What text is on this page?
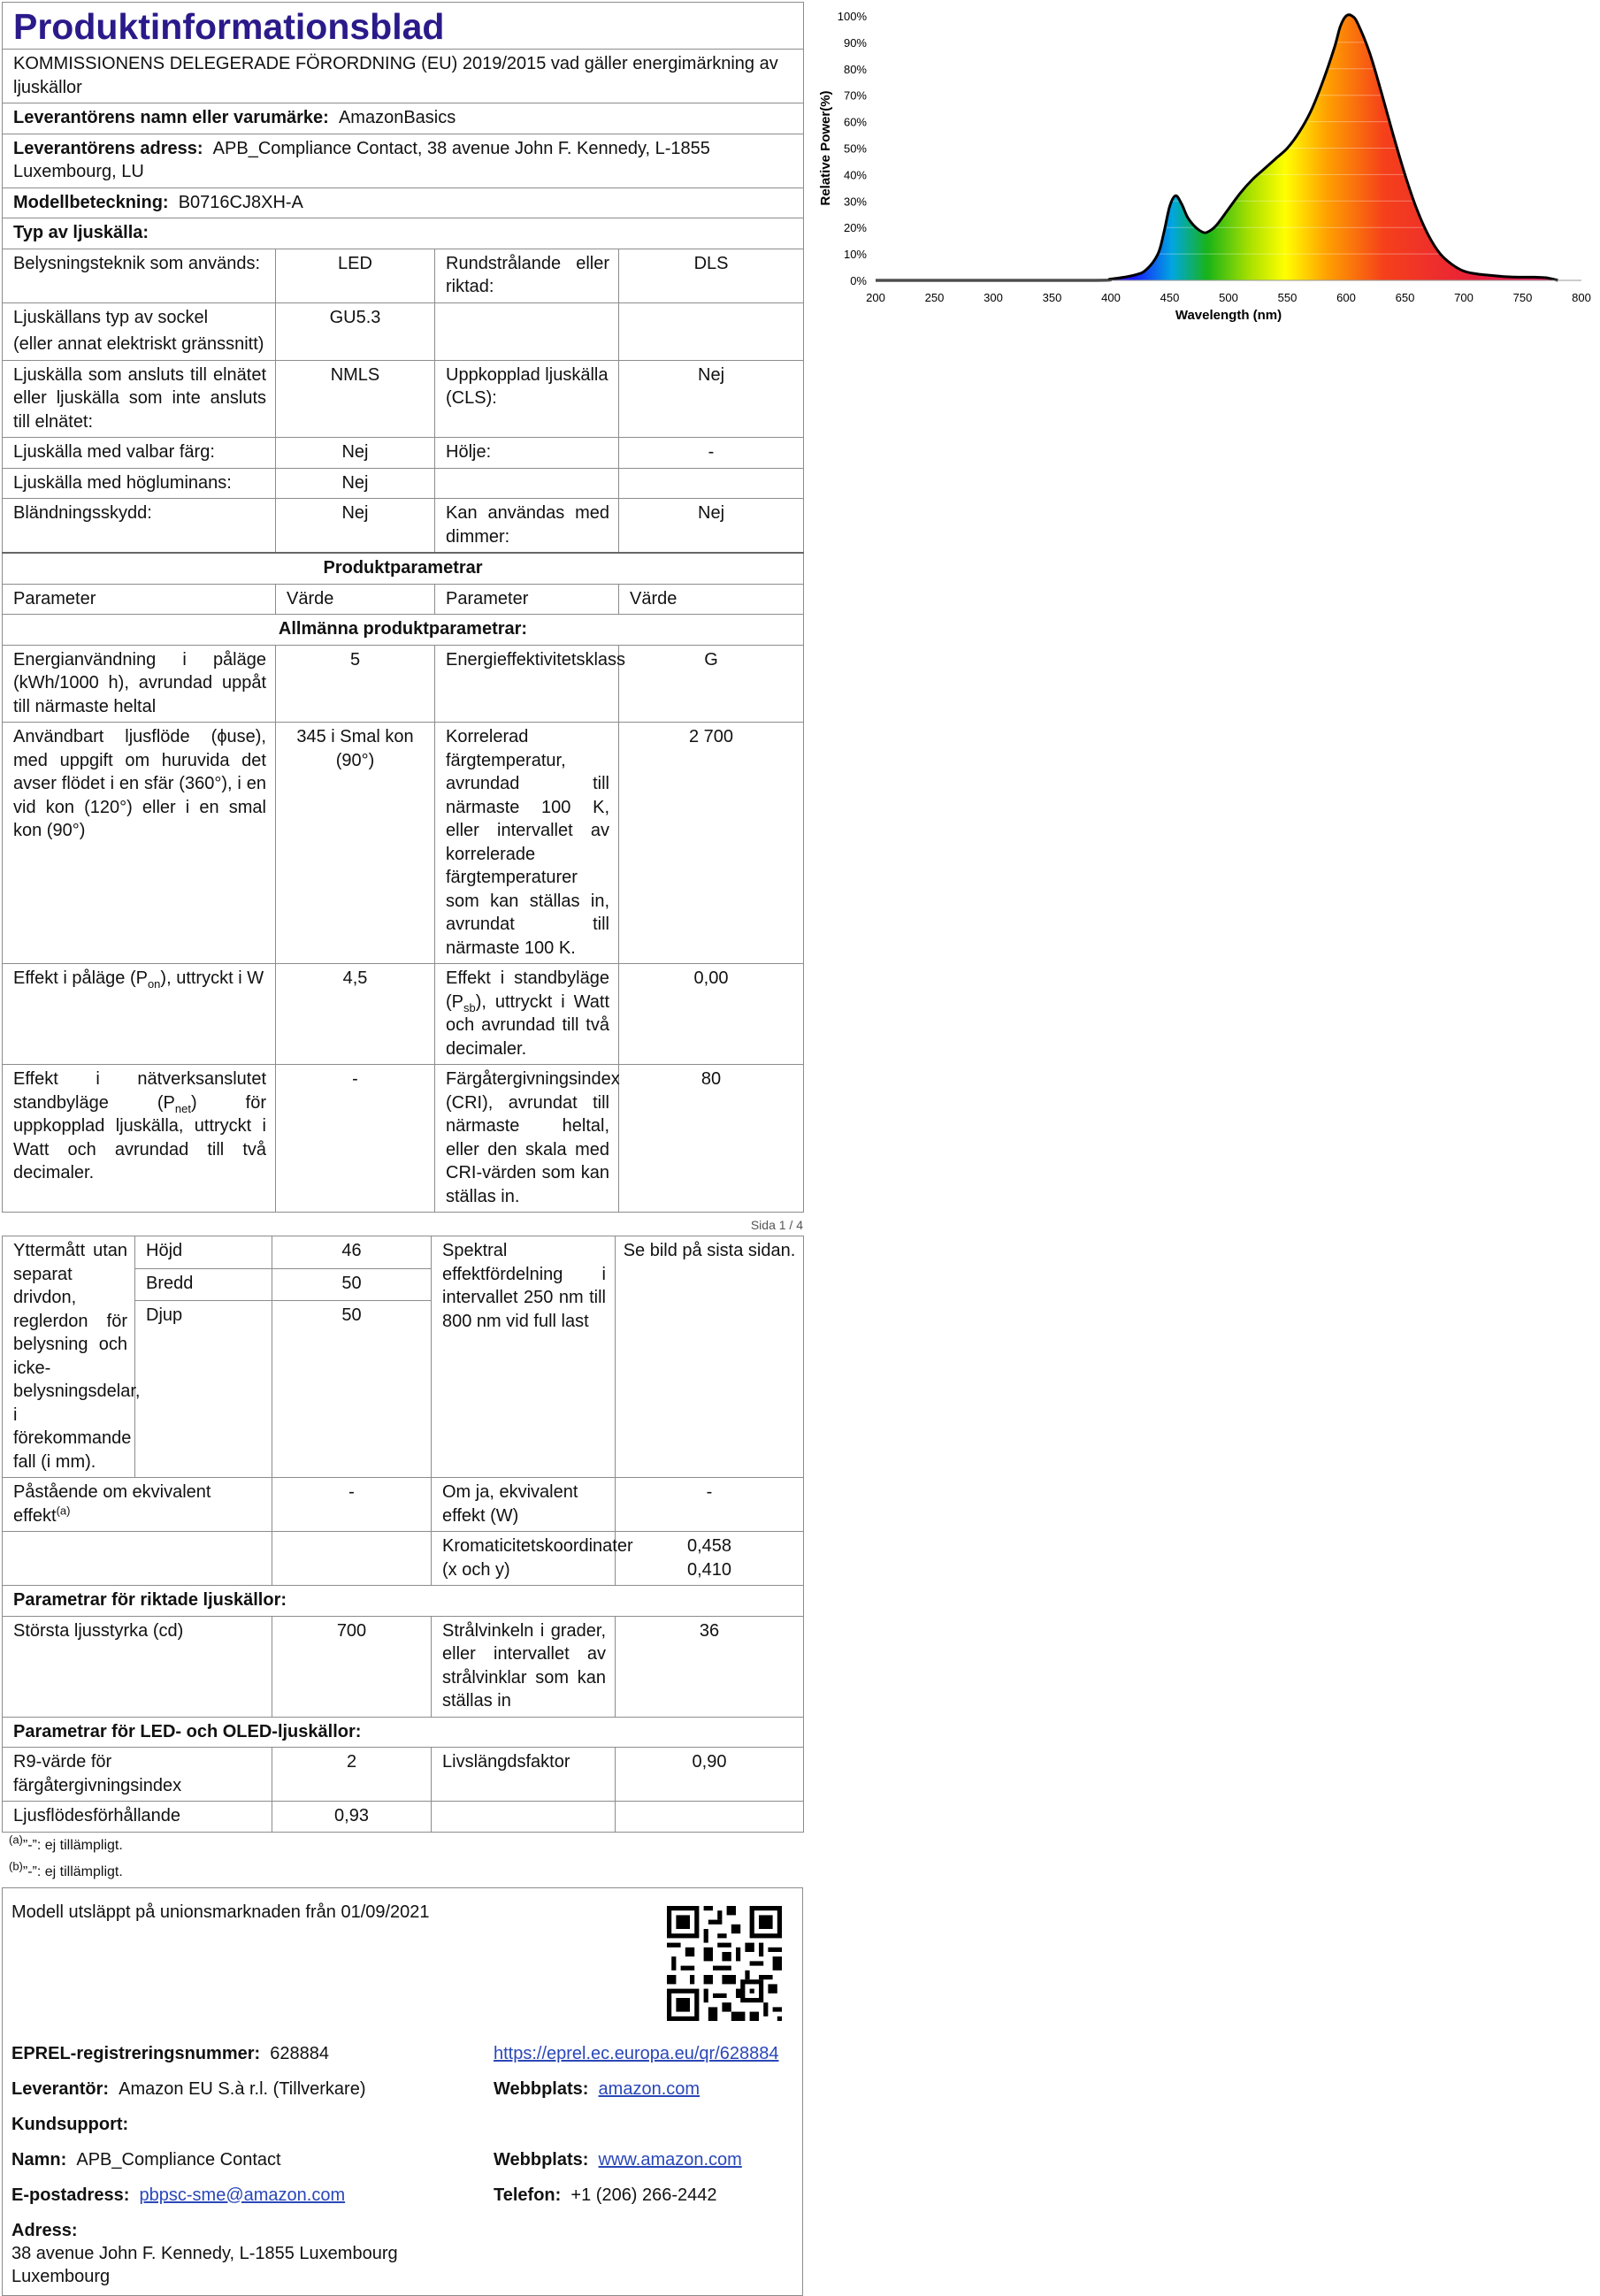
Produktinformationsblad			
KOMMISSIONENS DELEGERADE FÖRORDNING (EU) 2019/2015 vad gäller energimärkning av ljuskällor			
Leverantörens namn eller varumärke: AmazonBasics			
Leverantörens adress: APB_Compliance Contact, 38 avenue John F. Kennedy, L-1855 Luxembourg, LU			
Modellbeteckning: B0716CJ8XH-A			
Typ av ljuskälla:			
Belysningsteknik som används:	LED	Rundstrålande eller riktad:	DLS

Ljuskällans typ av sockel
(eller annat elektriskt gränssnitt)	GU5.3		
Ljuskälla som ansluts till elnätet eller ljuskälla som inte ansluts till elnätet:	NMLS	Uppkopplad ljuskälla (CLS):	Nej
Ljuskälla med valbar färg:	Nej	Hölje:	-
Ljuskälla med högluminans:	Nej		
Bländningsskydd:	Nej	Kan användas med dimmer:	Nej
Produktparametrar			
Parameter	Värde	Parameter	Värde
Allmänna produktparametrar:			
Energianvändning i påläge (kWh/1000 h), avrundad uppåt till närmaste heltal	5	Energieffektivitetsklass	G
Användbart ljusflöde (ϕuse), med uppgift om huruvida det avser flödet i en sfär (360°), i en vid kon (120°) eller i en smal kon (90°)	345 i Smal kon (90°)	Korrelerad färgtemperatur, avrundad till närmaste 100 K, eller intervallet av korrelerade färgtemperaturer som kan ställas in, avrundat till närmaste 100 K.	2 700
Effekt i påläge $(P_{on})$, uttryckt i W	4,5	Effekt i standbyläge $(P_{sb})$, uttryckt i Watt och avrundad till två decimaler.	0,00
Effekt i nätverksanslutet standbyläge $(P_{net})$ för uppkopplad ljuskälla, uttryckt i Watt och avrundad till två decimaler.	-	Färgåtergivningsindex (CRI), avrundat till närmaste heltal, eller den skala med CRI-värden som kan ställas in.	80
Sida 1 / 4
Yttermått utan separat drivdon, reglerdon för belysning och icke-belysningsdelar, i förekommande fall (i mm).	Höjd	46	Spektral effektfördelning i intervallet 250 nm till 800 nm vid full last	Se bild på sista sidan.
	Bredd	50		
	Djup	50		
Påstående om ekvivalent effekt$^{(a)}$		-	Om ja, ekvivalent effekt (W)	-
			Kromaticitetskoordinater (x och y)	0,458
0,410

Parametrar för riktade ljuskällor:				
Största ljusstyrka (cd)		700	Strålvinkeln i grader, eller intervallet av strålvinklar som kan ställas in	36
Parametrar för LED- och OLED-ljuskällor:				
R9-värde för färgåtergivningsindex		2	Livslängdsfaktor	0,90
Ljusflödesförhållande		0,93		
$^{(a)}$”-”: ej tillämpligt.
$^{(b)}$”-”: ej tillämpligt.
Modell utsläppt på unionsmarknaden från 01/09/2021
EPREL-registreringsnummer: 628884	https://eprel.ec.europa.eu/qr/628884
Leverantör: Amazon EU S.à r.l. (Tillverkare)	Webbplats: amazon.com
Kundsupport:
Namn: APB_Compliance Contact	Webbplats: www.amazon.com
E-postadress: pbpsc-sme@amazon.com	Telefon: +1 (206) 266-2442
Adress:
38 avenue John F. Kennedy, L-1855 Luxembourg
Luxembourg
0%
10%
20%
30%
40%
50%
60%
70%
80%
90%
100%
200	250	300	350	400	450	500	550	600	650	700	750	800
Wavelength (nm)
Relative Power(%)
